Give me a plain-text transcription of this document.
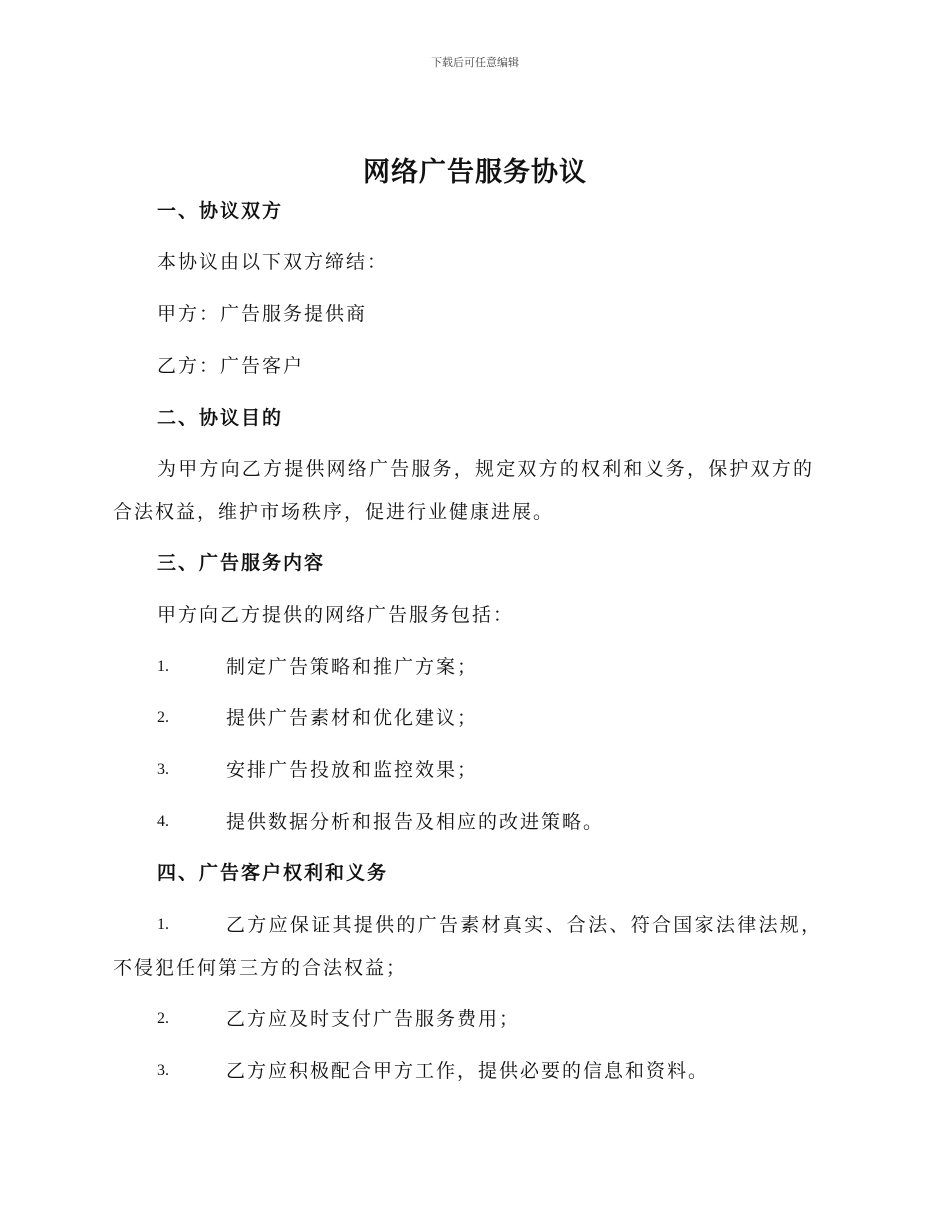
下载后可任意编辑
网络广告服务协议
一、协议双方
本协议由以下双方缔结：
甲方：广告服务提供商
乙方：广告客户
二、协议目的
为甲方向乙方提供网络广告服务，规定双方的权利和义务，保护双方的
合法权益，维护市场秩序，促进行业健康进展。
三、广告服务内容
甲方向乙方提供的网络广告服务包括：
1.	制定广告策略和推广方案；
2.	提供广告素材和优化建议；
3.	安排广告投放和监控效果；
4.	提供数据分析和报告及相应的改进策略。
四、广告客户权利和义务
1.	乙方应保证其提供的广告素材真实、合法、符合国家法律法规，
不侵犯任何第三方的合法权益；
2.	乙方应及时支付广告服务费用；
3.	乙方应积极配合甲方工作，提供必要的信息和资料。
